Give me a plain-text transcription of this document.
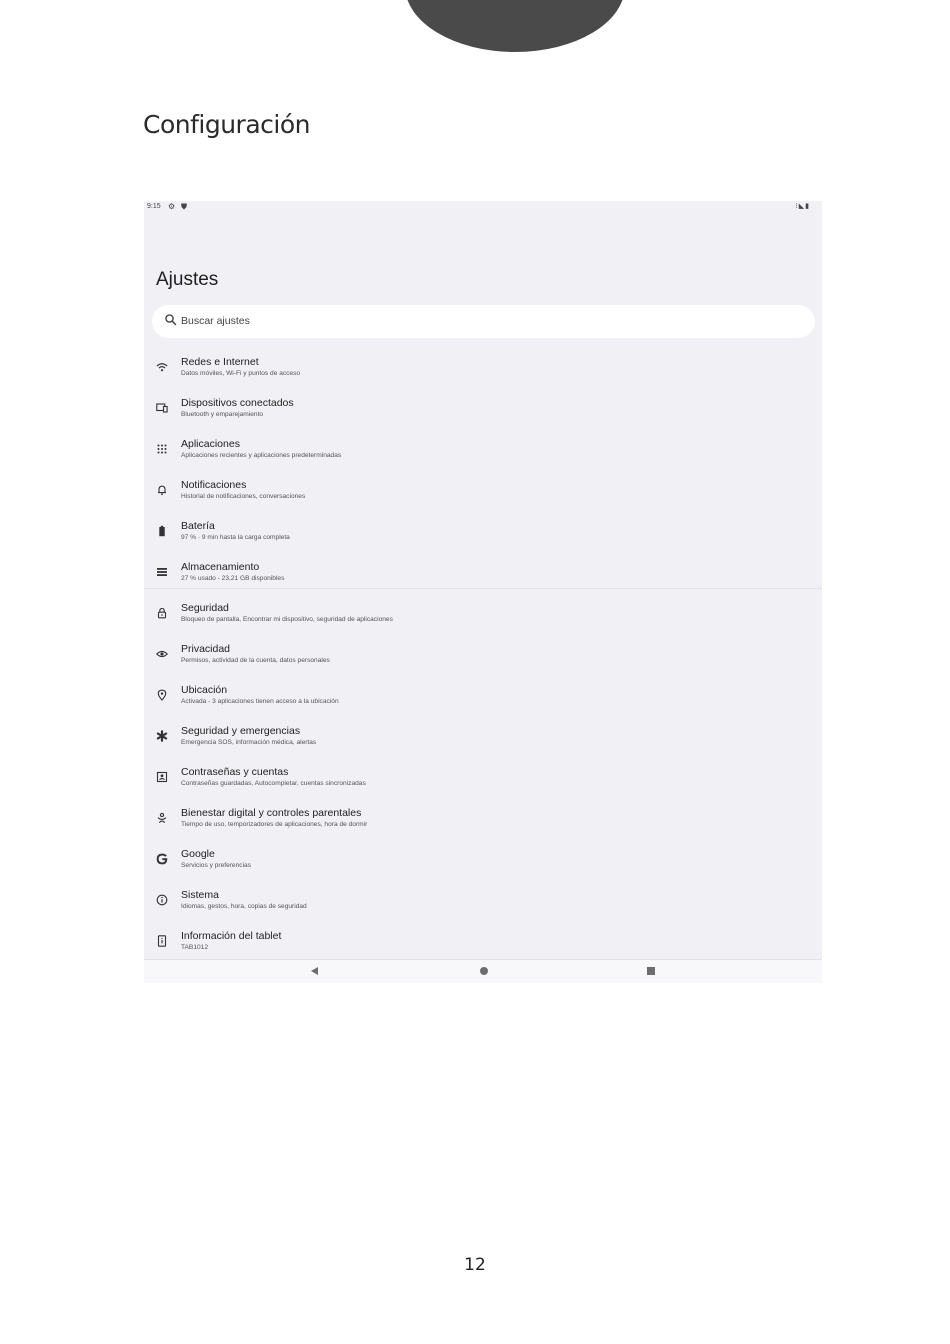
Configuración
9:15 ⚙ ⛊	⁝◣▮
Ajustes
Buscar ajustes
Redes e Internet
Datos móviles, Wi-Fi y puntos de acceso
Dispositivos conectados
Bluetooth y emparejamiento
Aplicaciones
Aplicaciones recientes y aplicaciones predeterminadas
Notificaciones
Historial de notificaciones, conversaciones
Batería
97 % · 9 min hasta la carga completa
Almacenamiento
27 % usado - 23,21 GB disponibles
Seguridad
Bloqueo de pantalla, Encontrar mi dispositivo, seguridad de aplicaciones
Privacidad
Permisos, actividad de la cuenta, datos personales
Ubicación
Activada - 3 aplicaciones tienen acceso a la ubicación
Seguridad y emergencias
Emergencia SOS, información médica, alertas
Contraseñas y cuentas
Contraseñas guardadas, Autocompletar, cuentas sincronizadas
Bienestar digital y controles parentales
Tiempo de uso, temporizadores de aplicaciones, hora de dormir
Google
Servicios y preferencias
Sistema
Idiomas, gestos, hora, copias de seguridad
Información del tablet
TAB1012
12
